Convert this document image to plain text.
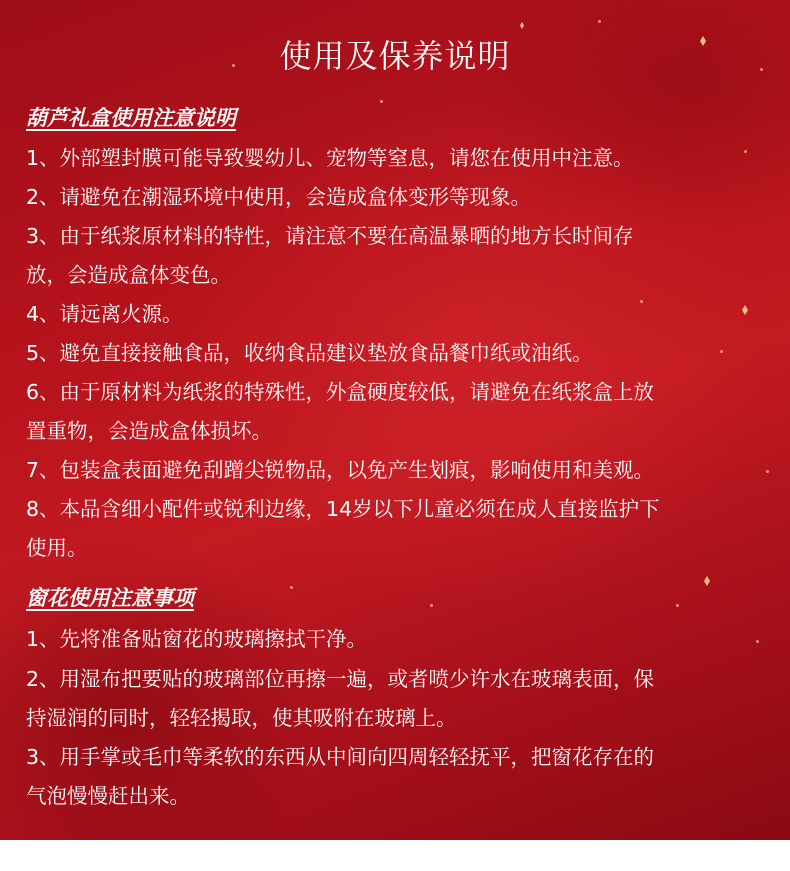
使用及保养说明
葫芦礼盒使用注意说明
1、外部塑封膜可能导致婴幼儿、宠物等窒息，请您在使用中注意。
2、请避免在潮湿环境中使用，会造成盒体变形等现象。
3、由于纸浆原材料的特性，请注意不要在高温暴晒的地方长时间存
放，会造成盒体变色。
4、请远离火源。
5、避免直接接触食品，收纳食品建议垫放食品餐巾纸或油纸。
6、由于原材料为纸浆的特殊性，外盒硬度较低，请避免在纸浆盒上放
置重物，会造成盒体损坏。
7、包装盒表面避免刮蹭尖锐物品，以免产生划痕，影响使用和美观。
8、本品含细小配件或锐利边缘，14岁以下儿童必须在成人直接监护下
使用。
窗花使用注意事项
1、先将准备贴窗花的玻璃擦拭干净。
2、用湿布把要贴的玻璃部位再擦一遍，或者喷少许水在玻璃表面，保
持湿润的同时，轻轻揭取，使其吸附在玻璃上。
3、用手掌或毛巾等柔软的东西从中间向四周轻轻抚平，把窗花存在的
气泡慢慢赶出来。
